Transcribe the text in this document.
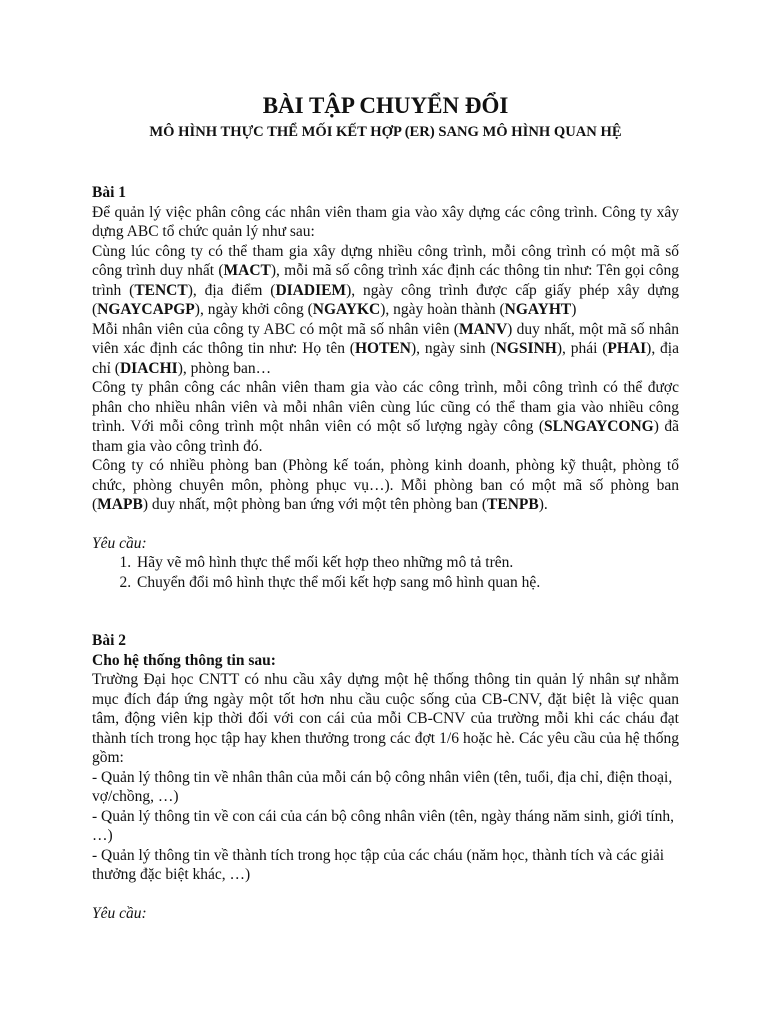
BÀI TẬP CHUYỂN ĐỔI
MÔ HÌNH THỰC THỂ MỐI KẾT HỢP (ER) SANG MÔ HÌNH QUAN HỆ
Bài 1

Để quản lý việc phân công các nhân viên tham gia vào xây dựng các công trình. Công ty xây dựng ABC tổ chức quản lý như sau:

Cùng lúc công ty có thể tham gia xây dựng nhiều công trình, mỗi công trình có một mã số công trình duy nhất (MACT), mỗi mã số công trình xác định các thông tin như: Tên gọi công trình (TENCT), địa điểm (DIADIEM), ngày công trình được cấp giấy phép xây dựng (NGAYCAPGP), ngày khởi công (NGAYKC), ngày hoàn thành (NGAYHT)

Mỗi nhân viên của công ty ABC có một mã số nhân viên (MANV) duy nhất, một mã số nhân viên xác định các thông tin như: Họ tên (HOTEN), ngày sinh (NGSINH), phái (PHAI), địa chỉ (DIACHI), phòng ban…

Công ty phân công các nhân viên tham gia vào các công trình, mỗi công trình có thể được phân cho nhiều nhân viên và mỗi nhân viên cùng lúc cũng có thể tham gia vào nhiều công trình. Với mỗi công trình một nhân viên có một số lượng ngày công (SLNGAYCONG) đã tham gia vào công trình đó.

Công ty có nhiều phòng ban (Phòng kế toán, phòng kinh doanh, phòng kỹ thuật, phòng tổ chức, phòng chuyên môn, phòng phục vụ…). Mỗi phòng ban có một mã số phòng ban (MAPB) duy nhất, một phòng ban ứng với một tên phòng ban (TENPB).

Yêu cầu:
1. Hãy vẽ mô hình thực thể mối kết hợp theo những mô tả trên.
2. Chuyển đổi mô hình thực thể mối kết hợp sang mô hình quan hệ.
Bài 2
Cho hệ thống thông tin sau:

Trường Đại học CNTT có nhu cầu xây dựng một hệ thống thông tin quản lý nhân sự nhằm mục đích đáp ứng ngày một tốt hơn nhu cầu cuộc sống của CB-CNV, đặt biệt là việc quan tâm, động viên kịp thời đối với con cái của mỗi CB-CNV của trường mỗi khi các cháu đạt thành tích trong học tập hay khen thưởng trong các đợt 1/6 hoặc hè. Các yêu cầu của hệ thống gồm:

- Quản lý thông tin về nhân thân của mỗi cán bộ công nhân viên (tên, tuổi, địa chỉ, điện thoại, vợ/chồng, …)

- Quản lý thông tin về con cái của cán bộ công nhân viên (tên, ngày tháng năm sinh, giới tính, …)

- Quản lý thông tin về thành tích trong học tập của các cháu (năm học, thành tích và các giải thưởng đặc biệt khác, …)

Yêu cầu:
